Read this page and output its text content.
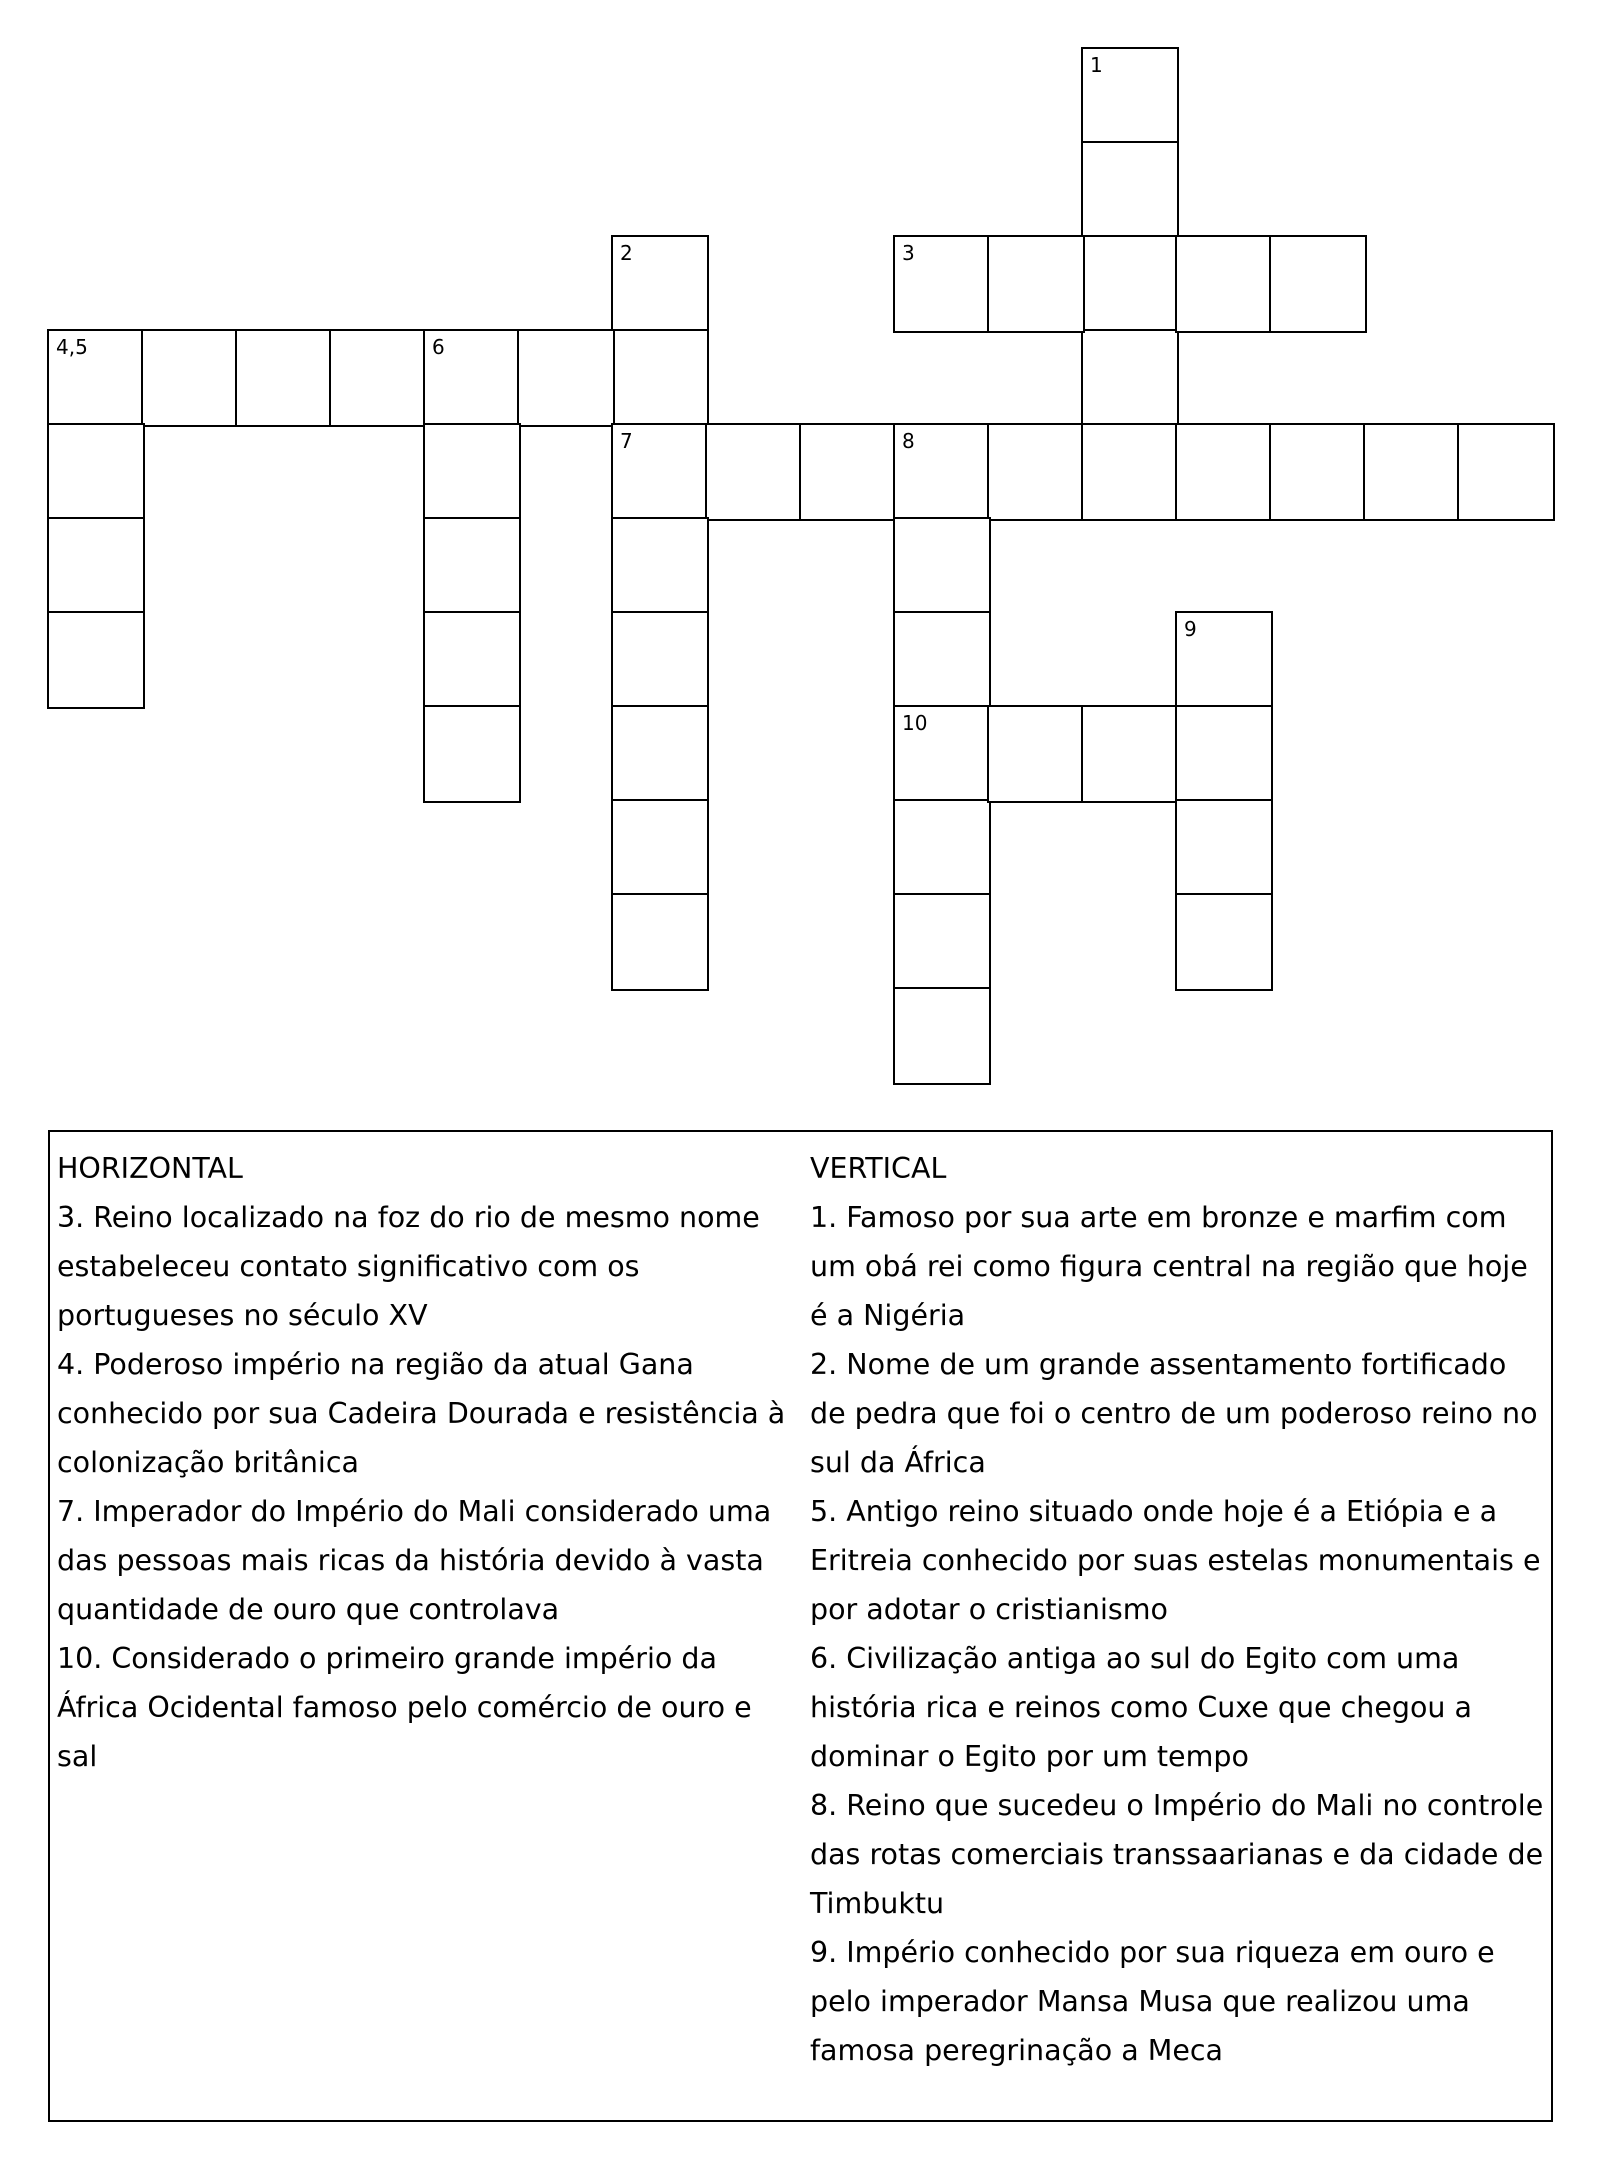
1
2	3
4,5	6
7	8
10
9
HORIZONTAL
3. Reino localizado na foz do rio de mesmo nome estabeleceu contato significativo com os portugueses no século XV
4. Poderoso império na região da atual Gana conhecido por sua Cadeira Dourada e resistência à colonização britânica
7. Imperador do Império do Mali considerado uma das pessoas mais ricas da história devido à vasta quantidade de ouro que controlava
10. Considerado o primeiro grande império da África Ocidental famoso pelo comércio de ouro e sal
VERTICAL
1. Famoso por sua arte em bronze e marfim com um obá rei como figura central na região que hoje é a Nigéria
2. Nome de um grande assentamento fortificado de pedra que foi o centro de um poderoso reino no sul da África
5. Antigo reino situado onde hoje é a Etiópia e a Eritreia conhecido por suas estelas monumentais e por adotar o cristianismo
6. Civilização antiga ao sul do Egito com uma história rica e reinos como Cuxe que chegou a dominar o Egito por um tempo
8. Reino que sucedeu o Império do Mali no controle das rotas comerciais transsaarianas e da cidade de Timbuktu
9. Império conhecido por sua riqueza em ouro e pelo imperador Mansa Musa que realizou uma famosa peregrinação a Meca
